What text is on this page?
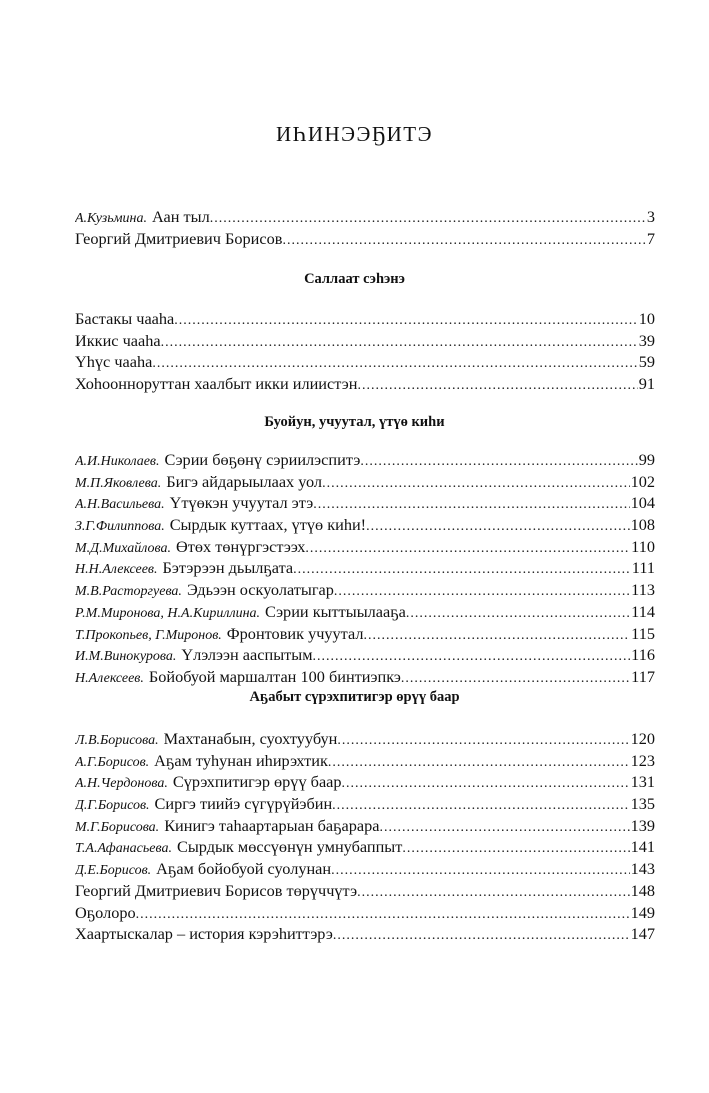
ИҺИНЭЭҔИТЭ
А.Кузьмина. Аан тыл .....	3
Георгий Дмитриевич Борисов .....	7
Саллаат сэһэнэ
Бастакы чааһа .....	10
Иккис чааһа .....	39
Үһүс чааһа .....	59
Хоһоонноруттан хаалбыт икки илиистэн .....	91
Буойун, учуутал, үтүө киһи
А.И.Николаев. Сэрии бөҕөнү сэриилэспитэ .....	99
М.П.Яковлева. Бигэ айдарыылаах уол .....	102
А.Н.Васильева. Үтүөкэн учуутал этэ .....	104
З.Г.Филиппова. Сырдык куттаах, үтүө киһи! .....	108
М.Д.Михайлова. Өтөх төнүргэстээх .....	110
Н.Н.Алексеев. Бэтэрээн дьылҕата .....	111
М.В.Расторгуева. Эдьээн оскуолатыгар .....	113
Р.М.Миронова, Н.А.Кириллина. Сэрии кыттыылааҕа .....	114
Т.Прокопьев, Г.Миронов. Фронтовик учуутал .....	115
И.М.Винокурова. Үлэлээн ааспытым .....	116
Н.Алексеев. Бойобуой маршалтан 100 бинтиэпкэ .....	117
Аҕабыт сүрэхпитигэр өрүү баар
Л.В.Борисова. Махтанабын, суохтуубун .....	120
А.Г.Борисов. Аҕам туһунан иһирэхтик .....	123
А.Н.Чердонова. Сүрэхпитигэр өрүү баар .....	131
Д.Г.Борисов. Сиргэ тиийэ сүгүрүйэбин .....	135
М.Г.Борисова. Кинигэ таһаартарыан баҕарара .....	139
Т.А.Афанасьева. Сырдык мөссүөнүн умнубаппыт .....	141
Д.Е.Борисов. Аҕам бойобуой суолунан .....	143
Георгий Дмитриевич Борисов төрүччүтэ .....	148
Оҕолоро .....	149
Хаартыскалар – история кэрэһиттэрэ .....	147
